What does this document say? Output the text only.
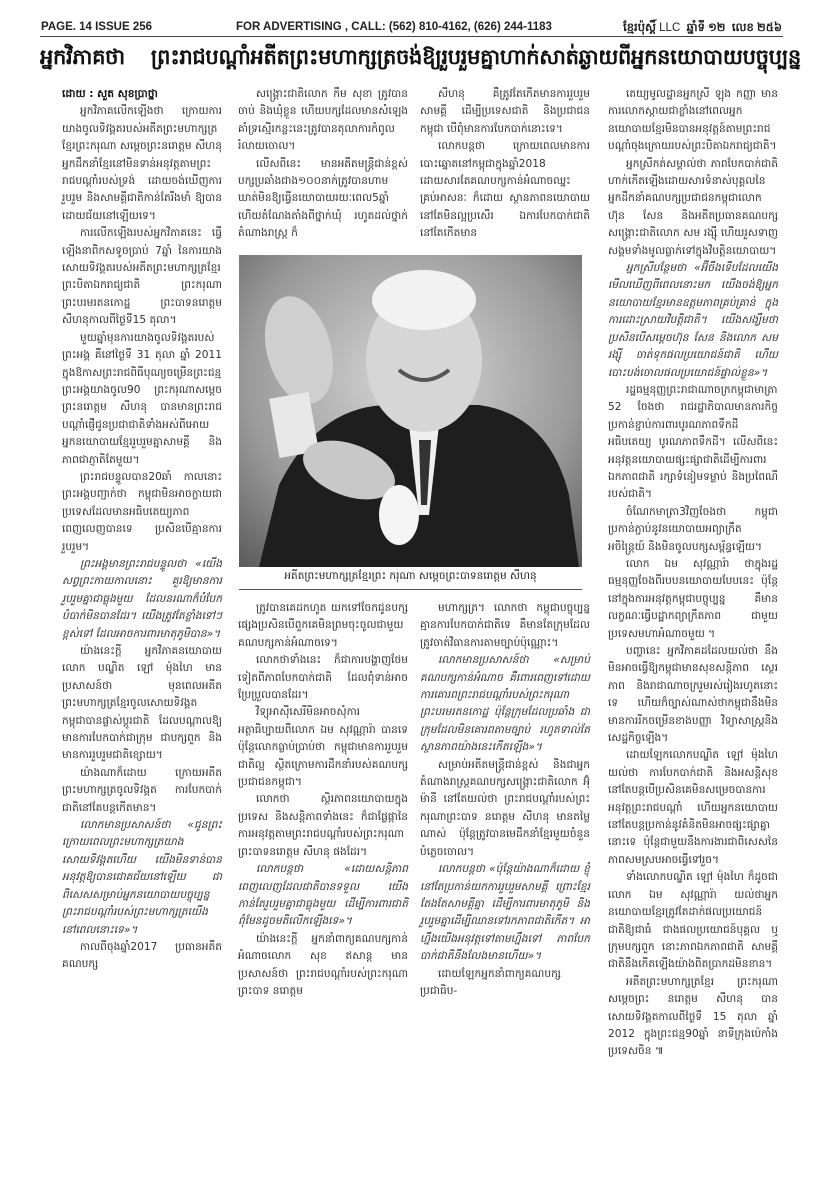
PAGE. 14 ISSUE 256	FOR ADVERTISING , CALL: (562) 810-4162, (626) 244-1183	ខ្មែរប៉ុស្តិ៍ LLC ឆ្នាំទី ១២ លេខ ២៥៦
អ្នកវិភាគថា ព្រះរាជបណ្ដាំអតីតព្រះមហាក្សត្រចង់ឱ្យរួបរួមគ្នាហាក់សាត់ឆ្ងាយពីអ្នកនយោបាយបច្ចុប្បន្ន

ដោយ : សួត សុខប្រាថ្នា

អ្នកវិភាគលើកឡើងថា ក្រោយការយាងចូលទិវង្គតរបស់អតីតព្រះមហាក្សត្រខ្មែរព្រះករុណា សម្ដេចព្រះនរោត្តម សីហនុ អ្នកដឹកនាំខ្មែរនៅមិនទាន់អនុវត្តតាមព្រះរាជបណ្ដាំរបស់ទ្រង់ ដោយចង់ឃើញការរួបរួម និងសាមគ្គីជាតិកាន់តែរឹងមាំ ឱ្យបានដោយជ័យនៅឡើយទេ។

ការលើកឡើងរបស់អ្នកវិភាគនេះ ធ្វើឡើងនាពិកសទូចប្រាប់ 7ឆ្នាំ នៃការយាងសោយទិវង្គតរបស់អតីតព្រះមហាក្សត្រខ្មែរ ព្រះបិតាឯករាជ្យជាតិ ព្រះករុណា ព្រះបរមរតនកោដ្ឋ ព្រះបាទនរោត្តម សីហនុកាលពីថ្ងៃទី15 តុលា។

មួយឆ្នាំមុនការយាងចូលទិវង្គតរបស់ព្រះអង្គ គឺនៅថ្ងៃទី 31 តុលា ឆ្នាំ 2011 ក្នុងឱកាសព្រះរាជពិធីបុណ្យចម្រើនព្រះជន្មព្រះអង្គយាងចូល90 ព្រះករុណាសម្ដេចព្រះនរោត្តម សីហនុ បានមានព្រះរាជបណ្ដាំផ្ញើជូនប្រជាជាតិទាំងអស់ពីអោយអ្នកនយោបាយខ្មែររួបរួមគ្នាសាមគ្គី និងភាពជាភ្ញាតិតែមួយ។

ព្រះរាជបន្ទូលបាន20ឆាំ កាលនោះ ព្រះអង្គបញ្ជាក់ថា កម្ពុជាមិនអាចក្លាយជាប្រទេសដែលមានអធិបតេយ្យភាពពេញលេញបានទេ ប្រសិនបើគ្មានការរួបរួម។

ព្រះអង្គមានព្រះរាជបន្ទូលថា «យើងសព្វព្រះកាយកាលនោះ គួរឱ្យមានការរួបរួមគ្នាជាធ្លុងមួយ ដែលនរណាក៏បំបែកបំបាក់មិនបានដែរ។ យើងត្រូវតែខ្លាំងទៅៗខ្ពស់ទៅ ដែលអាចការពារមាតុភូមិបាន»។

យ៉ាងនេះក្ដី អ្នកវិភាគនយោបាយលោក បណ្ឌិត ឡៅ ម៉ុងហៃ មានប្រសាសន៍ថា មុនពេលអតីតព្រះមហាក្សត្រខ្មែរចូលសោយទិវង្គត កម្ពុជាបានផ្លាស់ប្ដូរជាតិ ដែលបណ្ដាលឱ្យមានការបែកបាក់ជាក្រុម ជាបក្សពួក និងមានការរួបរួមជាតិខ្សោយ។

យ៉ាងណាក៏ដោយ ក្រោយអតីតព្រះមហាក្សត្រចូលទិវង្គត ការបែកបាក់ជាតិនៅតែបន្តកើតមាន។

លោកមានប្រសាសន៍ថា «ជូនព្រះក្រោយពេលព្រះមហាក្សត្រយាងសោយទិវង្គតហើយ យើងមិនទាន់បានអនុវត្តឱ្យបានជោគជ័យនៅឡើយ ជាពិសេសសម្រាប់អ្នកនយោបាយបច្ចុប្បន្ន ព្រះរាជបណ្ដាំរបស់ព្រះមហាក្សត្រយើងនៅពេលនោះទេ»។

កាលពីចុងឆ្នាំ2017 ប្រធានអតីតគណបក្ស

សង្គ្រោះជាតិលោក កឹម សុខា ត្រូវបានចាប់ និងឃុំខ្លួន ហើយបក្សដែលមានសំឡេងគាំទ្រស្មើរកន្លះនេះត្រូវបានតុលាការកំពូលរំលាយចោល។

លើសពីនេះ មានអតីតមន្ត្រីជាន់ខ្ពស់បក្សប្រឆាំងជាង១០០នាក់ត្រូវបានហាមឃាត់មិនឱ្យធ្វើនយោបាយរយៈពេល5ឆ្នាំ ហើយតំណែងតាំងពីថ្នាក់ឃុំ រហូតដល់ថ្នាក់តំណាងរាស្ត្រ ក៏

សីហនុ គឺត្រូវតែកើតមានការរួបរួមសាមគ្គី ដើម្បីប្រទេសជាតិ និងប្រជាជនកម្ពុជា បើពុំមានការបែកបាក់នោះទេ។

លោកបន្តថា ក្រោយពេលមានការបោះឆ្នោតនៅកម្ពុជាក្នុងឆ្នាំ2018 ដោយសារតែគណបក្សកាន់អំណាចឈ្នះ គ្រប់អាសនៈ ក៏ដោយ ស្ថានភាពនយោបាយនៅតែមិនល្អប្រសើរ ឯការបែកបាក់ជាតិនៅតែកើតមាន

អតីតព្រះមហាក្សត្រខ្មែរព្រះ ករុណា សម្ដេចព្រះបាទនរោត្តម សីហនុ

ត្រូវបានគេដកហូត យកទៅចែកជូនបក្សផ្សេងប្រសិនបើពួកគេមិនព្រមចុះចូលជាមួយគណបក្សកាន់អំណាចទេ។

លោកថាទាំងនេះ ក៏ជាការបង្ហាញថែមទៀតពីភាពបែកបាក់ជាតិ ដែលពុំទាន់អាចប្រែប្រួលបានដែរ។

វិទ្យុអាស៊ីសេរីមិនអាចសុំការអត្ថាធិប្បាយពីលោក ឯម សុវណ្ណារ៉ា បានទេ ប៉ុន្តែលោកធ្លាប់ប្រាប់ថា កម្ពុជាមានការរួបរួមជាតិល្អ ស្ថិតក្រោមការដឹកនាំរបស់គណបក្សប្រជាជនកម្ពុជា។

លោកថា ស្ថិរភាពនយោបាយក្នុងប្រទេស និងសន្តិភាពទាំងនេះ ក៏ជាផ្លែផ្កានៃការអនុវត្តតាមព្រះរាជបណ្ដាំរបស់ព្រះករុណាព្រះបាទនរោត្តម សីហនុ ផងដែរ។

លោកបន្តថា «ដោយសន្តិភាពពេញលេញដែលជាតិបានទទួល យើងកាន់តែរួបរួមគ្នាជាធ្លុងមួយ ដើម្បីការពារជាតិ ពុំមែនដូចមតិលើកឡើងទេ»។

យ៉ាងនេះក្ដី អ្នកនាំពាក្យគណបក្សកាន់អំណាចលោក សុខ ឥសាន្ត មានប្រសាសន៍ថា ព្រះរាជបណ្ដាំរបស់ព្រះករុណាព្រះបាទ នរោត្តម

មហាក្សត្រ។ លោកថា កម្ពុជាបច្ចុប្បន្នគ្មានការបែកបាក់ជាតិទេ គឺមានតែក្រុមដែលត្រូវចាត់វិធានការតាមច្បាប់ប៉ុណ្ណោះ។

លោកមានប្រសាសន៍ថា «សម្រាប់គណបក្សកាន់អំណាច គឺពោរពេញទៅដោយការគោរពព្រះរាជបណ្ដាំរបស់ព្រះករុណាព្រះបរមរតនកោដ្ឋ ប៉ុន្តែក្រុមដែលប្រឆាំង ជាក្រុមដែលមិនគោរពតាមច្បាប់ រហូតទាល់តែស្ថានភាពយ៉ាងនេះកើតឡើង»។

សម្រាប់អតីតមន្ត្រីជាន់ខ្ពស់ និងជាអ្នកតំណាងរាស្ត្រគណបក្សសង្គ្រោះជាតិលោក អ៊ុំ ម៉ានី នៅតែយល់ថា ព្រះរាជបណ្ដាំរបស់ព្រះករុណាព្រះបាទ នរោត្តម សីហនុ មានតម្លៃណាស់ ប៉ុន្តែត្រូវបានមេដឹកនាំខ្មែរមួយចំនួនបំភ្លេចចោល។

លោកបន្តថា «ប៉ុន្តែយ៉ាងណាក៏ដោយ ខ្ញុំនៅតែប្រកាន់យកការរួបរួមសាមគ្គី ព្រោះខ្មែរតែងតែសាមគ្គីគ្នា ដើម្បីការពារមាតុភូមិ និងរួបរួមគ្នាដើម្បីឈានទៅរកភាពជាតិកើត។ អាហ្នឹងយើងអនុវត្តទៅតាមហ្នឹងទៅ ភាពបែកបាក់ជាតិនឹងលែងមានហើយ»។

ដោយឡែកអ្នកនាំពាក្យគណបក្សប្រជាធិប-

តេយ្យមូលដ្ឋានអ្នកស្រី ឡុង កញ្ញា មានការលោកស្ដាយជាខ្លាំងនៅពេលអ្នកនយោបាយខ្មែរមិនបានអនុវត្តន៍តាមព្រះរាជបណ្ដាំចុងក្រោយរបស់ព្រះបិតាឯករាជ្យជាតិ។

អ្នកស្រីកត់សម្គាល់ថា ភាពបែកបាក់ជាតិហាក់កើតឡើងដោយសារទំនាស់បុគ្គលនៃអ្នកដឹកនាំគណបក្សប្រជាជនកម្ពុជាលោក ហ៊ុន សែន និងអតីតប្រធានគណបក្សសង្គ្រោះជាតិលោក សម រង្ស៊ី ហើយរួសទាញសង្គមទាំងមូលធ្លាក់ទៅក្នុងវិបត្តិនយោបាយ។

អ្នកស្រីបន្ថែមថា «អ៊ីចឹងទើបដែលយើងមើលឃើញពីពេលនោះមក យើងចង់ឱ្យអ្នកនយោបាយខ្មែរមានឧត្ដមភាពគ្រប់គ្រាន់ ក្នុងការដោះស្រាយវិបត្តិជាតិ។ យើងសង្ឃឹមថា ប្រសិនបើសម្ដេចហ៊ុន សែន និងលោក សម រង្ស៊ី ចាត់ទុកផលប្រយោជន៍ជាតិ ហើយបោះបង់ចោលផលប្រយោជន៍ផ្ទាល់ខ្លួន»។

រដ្ឋធម្មនុញ្ញព្រះរាជាណាចក្រកម្ពុជាមាត្រា 52 ចែងថា រាជរដ្ឋាភិបាលមានភារកិច្ចប្រកាន់ខ្ជាប់ការពារបូរណភាពទឹកដី អធិបតេយ្យ បូរណភាពទឹកដី។ លើសពីនេះ អនុវត្តនយោបាយផ្សះផ្សាជាតិដើម្បីការពារឯកភាពជាតិ រក្សាទំនៀមទម្លាប់ និងប្រពៃណីរបស់ជាតិ។

ចំណែកមាត្រា3វិញចែងថា កម្ពុជាប្រកាន់ភ្ជាប់នូវនយោបាយអព្យាក្រឹតអចិន្ត្រៃយ៍ និងមិនចូលបក្សសម្ព័ន្ធឡើយ។

លោក ឯម សុវណ្ណារ៉ា ថាក្នុងរដ្ឋធម្មនុញ្ញចែងពីរបបនយោបាយបែបនេះ ប៉ុន្តែនៅក្នុងការអនុវត្តកម្ពុជាបច្ចុប្បន្ន គឺមានលក្ខណៈធ្វើបដ្ឋាកព្យាក្រឹតភាព ជាមួយប្រទេសមហាអំណាចមួយ ។

បញ្ហានេះ អ្នកវិភាគដដែលយល់ថា នឹងមិនអាចធ្វើឱ្យកម្ពុជាមានសុខសន្តិភាព ស្ថេរភាព និងរាជាណាចក្ររួមរស់រៀងរហូតនោះទេ ហើយក៏ច្បាស់ណាស់ថាកម្ពុជានឹងមិនមានការរីកចម្រើនខាងបញ្ញា វិទ្យាសាស្ត្រនិងសេដ្ឋកិច្ចឡើង។

ដោយឡែកលោកបណ្ឌិត ឡៅ ម៉ុងហៃ យល់ថា ការបែកបាក់ជាតិ និងអសន្តិសុខនៅតែបន្តបើប្រសិនគេមិនសម្រេចបានការអនុវត្តព្រះរាជបណ្ដាំ ហើយអ្នកនយោបាយនៅតែបន្តប្រកាន់នូវគំនិតមិនអាចផ្សះផ្សាគ្នានោះទេ ប៉ុន្តែជាមួយនឹងការងារជាពិសេសនៃភាពសមស្របអាចធ្វើទៅរួច។

ទាំងលោកបណ្ឌិត ឡៅ ម៉ុងហៃ ក៏ដូចជាលោក ឯម សុវណ្ណារ៉ា យល់ថាអ្នកនយោបាយខ្មែរត្រូវតែដាក់ផលប្រយោជន៍ជាតិឱ្យជាធំ ជាងផលប្រយោជន៍បុគ្គល ឬក្រុមបក្សពួក នោះភាពឯកភាពជាតិ សាមគ្គីជាតិនឹងកើតឡើងយ៉ាងពិតប្រាកដមិនខាន។

អតីតព្រះមហាក្សត្រខ្មែរ ព្រះករុណាសម្ដេចព្រះ នរោត្តម សីហនុ បានសោយទិវង្គតកាលពីថ្ងៃទី 15 តុលា ឆ្នាំ 2012 ក្នុងព្រះជន្ម90ឆ្នាំ នាទីក្រុងប៉េកាំង ប្រទេសចិន ៕
